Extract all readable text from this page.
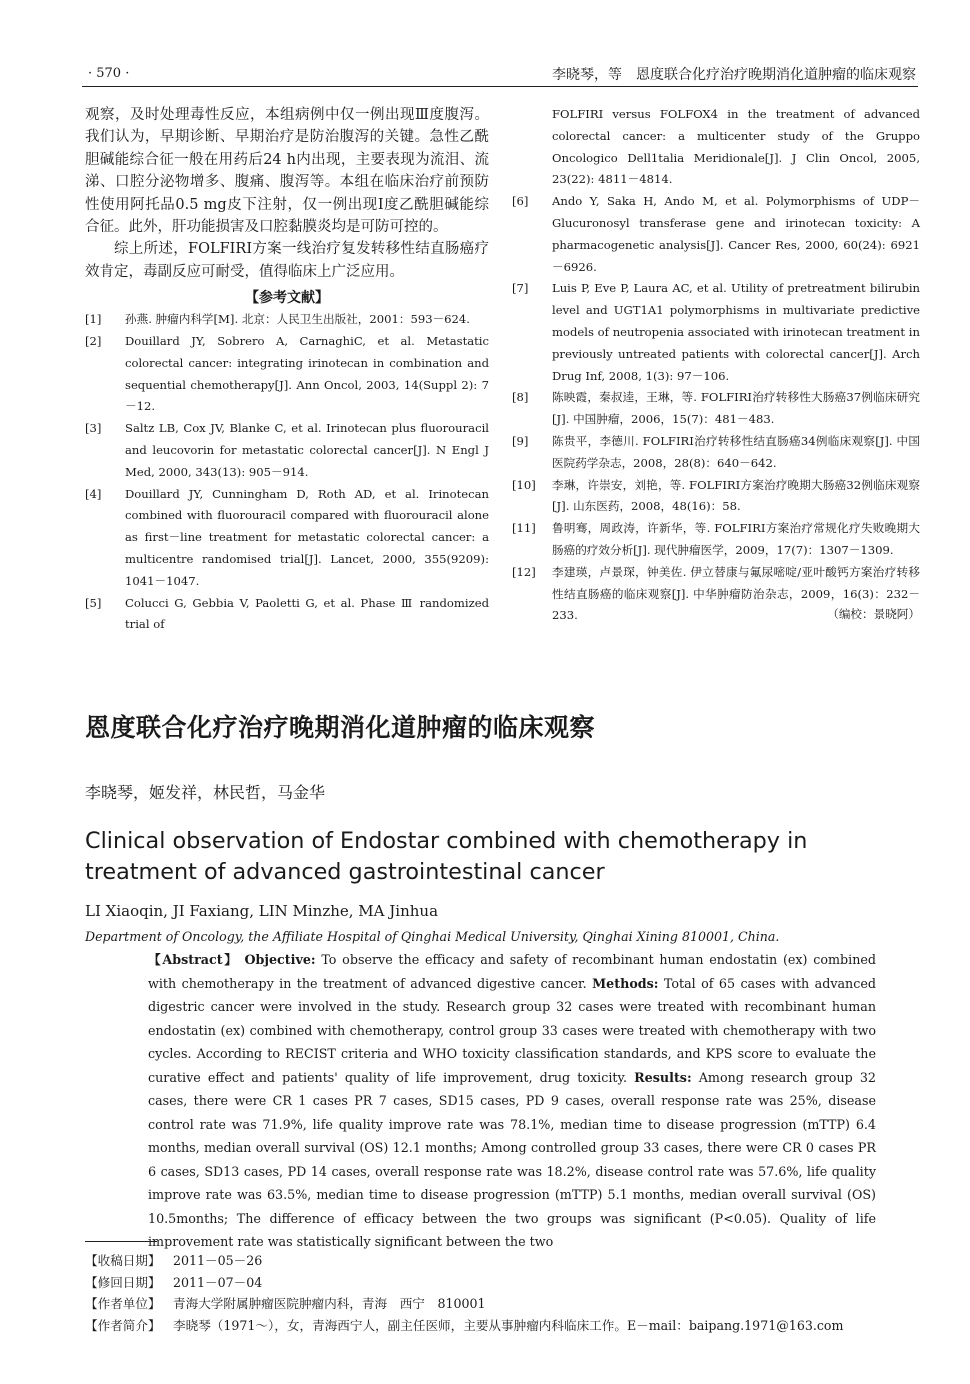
· 570 ·	李晓琴，等　恩度联合化疗治疗晚期消化道肿瘤的临床观察

观察，及时处理毒性反应，本组病例中仅一例出现Ⅲ度腹泻。我们认为，早期诊断、早期治疗是防治腹泻的关键。急性乙酰胆碱能综合征一般在用药后24 h内出现，主要表现为流泪、流涕、口腔分泌物增多、腹痛、腹泻等。本组在临床治疗前预防性使用阿托品0.5 mg皮下注射，仅一例出现Ⅰ度乙酰胆碱能综合征。此外，肝功能损害及口腔黏膜炎均是可防可控的。

综上所述，FOLFIRI方案一线治疗复发转移性结直肠癌疗效肯定，毒副反应可耐受，值得临床上广泛应用。

【参考文献】
[1]	孙燕. 肿瘤内科学[M]. 北京：人民卫生出版社，2001：593－624.
[2]	Douillard JY, Sobrero A, CarnaghiC, et al. Metastatic colorectal cancer: integrating irinotecan in combination and sequential chemotherapy[J]. Ann Oncol, 2003, 14(Suppl 2): 7－12.
[3]	Saltz LB, Cox JV, Blanke C, et al. Irinotecan plus fluorouracil and leucovorin for metastatic colorectal cancer[J]. N Engl J Med, 2000, 343(13): 905－914.
[4]	Douillard JY, Cunningham D, Roth AD, et al. Irinotecan combined with fluorouracil compared with fluorouracil alone as first－line treatment for metastatic colorectal cancer: a multicentre randomised trial[J]. Lancet, 2000, 355(9209): 1041－1047.
[5]	Colucci G, Gebbia V, Paoletti G, et al. Phase Ⅲ randomized trial of
FOLFIRI versus FOLFOX4 in the treatment of advanced colorectal cancer: a multicenter study of the Gruppo Oncologico Dell1talia Meridionale[J]. J Clin Oncol, 2005, 23(22): 4811－4814.
[6]	Ando Y, Saka H, Ando M, et al. Polymorphisms of UDP－Glucuronosyl transferase gene and irinotecan toxicity: A pharmacogenetic analysis[J]. Cancer Res, 2000, 60(24): 6921－6926.
[7]	Luis P, Eve P, Laura AC, et al. Utility of pretreatment bilirubin level and UGT1A1 polymorphisms in multivariate predictive models of neutropenia associated with irinotecan treatment in previously untreated patients with colorectal cancer[J]. Arch Drug Inf, 2008, 1(3): 97－106.
[8]	陈映霞，秦叔逵，王琳，等. FOLFIRI治疗转移性大肠癌37例临床研究[J]. 中国肿瘤，2006，15(7)：481－483.
[9]	陈贵平，李德川. FOLFIRI治疗转移性结直肠癌34例临床观察[J]. 中国医院药学杂志，2008，28(8)：640－642.
[10]	李琳，许崇安，刘艳，等. FOLFIRI方案治疗晚期大肠癌32例临床观察[J]. 山东医药，2008，48(16)：58.
[11]	鲁明骞，周政涛，许新华，等. FOLFIRI方案治疗常规化疗失败晚期大肠癌的疗效分析[J]. 现代肿瘤医学，2009，17(7)：1307－1309.
[12]	李建瑛，卢景琛，钟美佐. 伊立替康与氟尿嘧啶/亚叶酸钙方案治疗转移性结直肠癌的临床观察[J]. 中华肿瘤防治杂志，2009，16(3)：232－233.	（编校：景晓阿）
恩度联合化疗治疗晚期消化道肿瘤的临床观察
李晓琴，姬发祥，林民哲，马金华
Clinical observation of Endostar combined with chemotherapy in treatment of advanced gastrointestinal cancer
LI Xiaoqin, JI Faxiang, LIN Minzhe, MA Jinhua
Department of Oncology, the Affiliate Hospital of Qinghai Medical University, Qinghai Xining 810001, China.

【Abstract】 Objective: To observe the efficacy and safety of recombinant human endostatin (ex) combined with chemotherapy in the treatment of advanced digestive cancer. Methods: Total of 65 cases with advanced digestric cancer were involved in the study. Research group 32 cases were treated with recombinant human endostatin (ex) combined with chemotherapy, control group 33 cases were treated with chemotherapy with two cycles. According to RECIST criteria and WHO toxicity classification standards, and KPS score to evaluate the curative effect and patients' quality of life improvement, drug toxicity. Results: Among research group 32 cases, there were CR 1 cases PR 7 cases, SD15 cases, PD 9 cases, overall response rate was 25%, disease control rate was 71.9%, life quality improve rate was 78.1%, median time to disease progression (mTTP) 6.4 months, median overall survival (OS) 12.1 months; Among controlled group 33 cases, there were CR 0 cases PR 6 cases, SD13 cases, PD 14 cases, overall response rate was 18.2%, disease control rate was 57.6%, life quality improve rate was 63.5%, median time to disease progression (mTTP) 5.1 months, median overall survival (OS) 10.5months; The difference of efficacy between the two groups was significant (P<0.05). Quality of life improvement rate was statistically significant between the two

【收稿日期】 2011－05－26
【修回日期】 2011－07－04
【作者单位】 青海大学附属肿瘤医院肿瘤内科，青海　西宁　810001
【作者简介】 李晓琴（1971～），女，青海西宁人，副主任医师，主要从事肿瘤内科临床工作。E－mail：baipang.1971@163.com
